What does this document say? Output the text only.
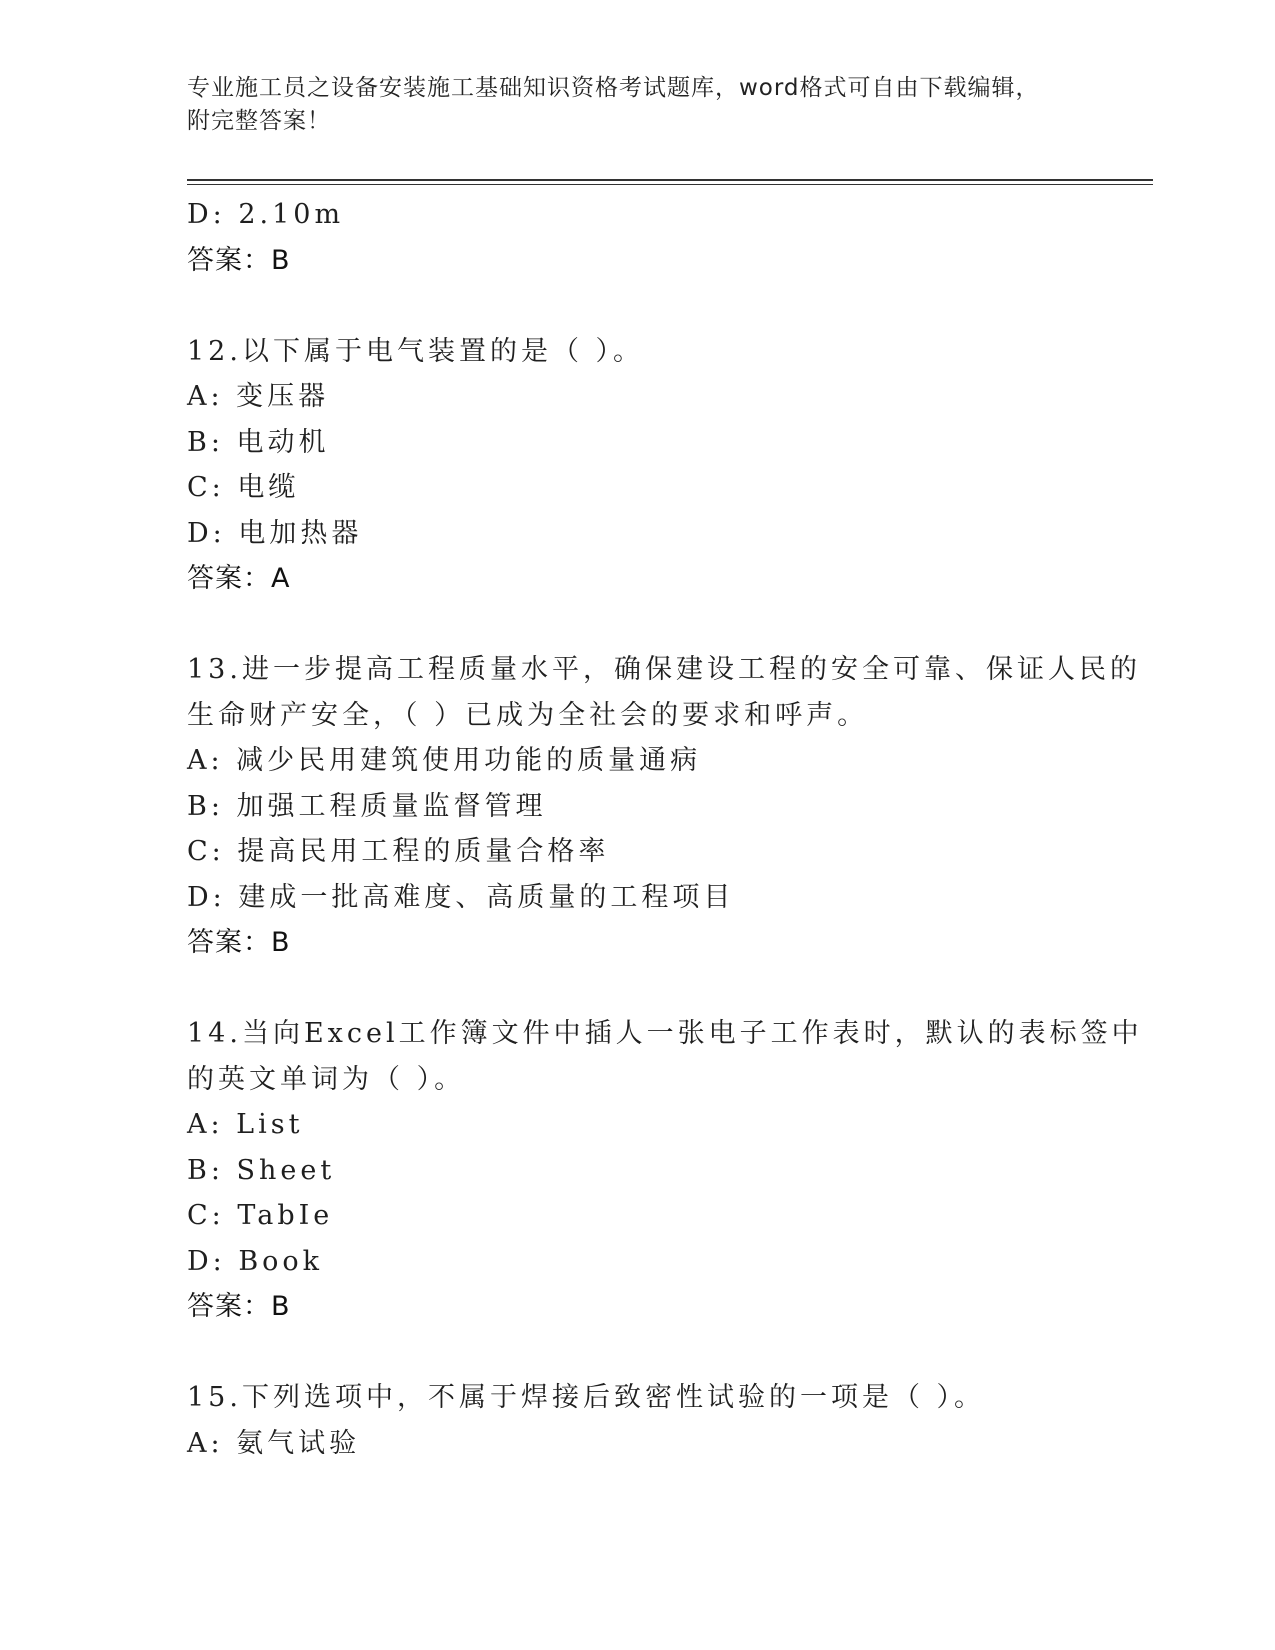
专业施工员之设备安装施工基础知识资格考试题库，word格式可自由下载编辑，
附完整答案！
D: 2.10m
答案：B
12.以下属于电气装置的是（ ）。
A: 变压器
B: 电动机
C: 电缆
D: 电加热器
答案：A
13.进一步提高工程质量水平，确保建设工程的安全可靠、保证人民的
生命财产安全，（ ）已成为全社会的要求和呼声。
A: 减少民用建筑使用功能的质量通病
B: 加强工程质量监督管理
C: 提高民用工程的质量合格率
D: 建成一批高难度、高质量的工程项目
答案：B
14.当向Excel工作簿文件中插人一张电子工作表时，默认的表标签中
的英文单词为（ ）。
A: List
B: Sheet
C: TabIe
D: Book
答案：B
15.下列选项中，不属于焊接后致密性试验的一项是（ ）。
A: 氨气试验
